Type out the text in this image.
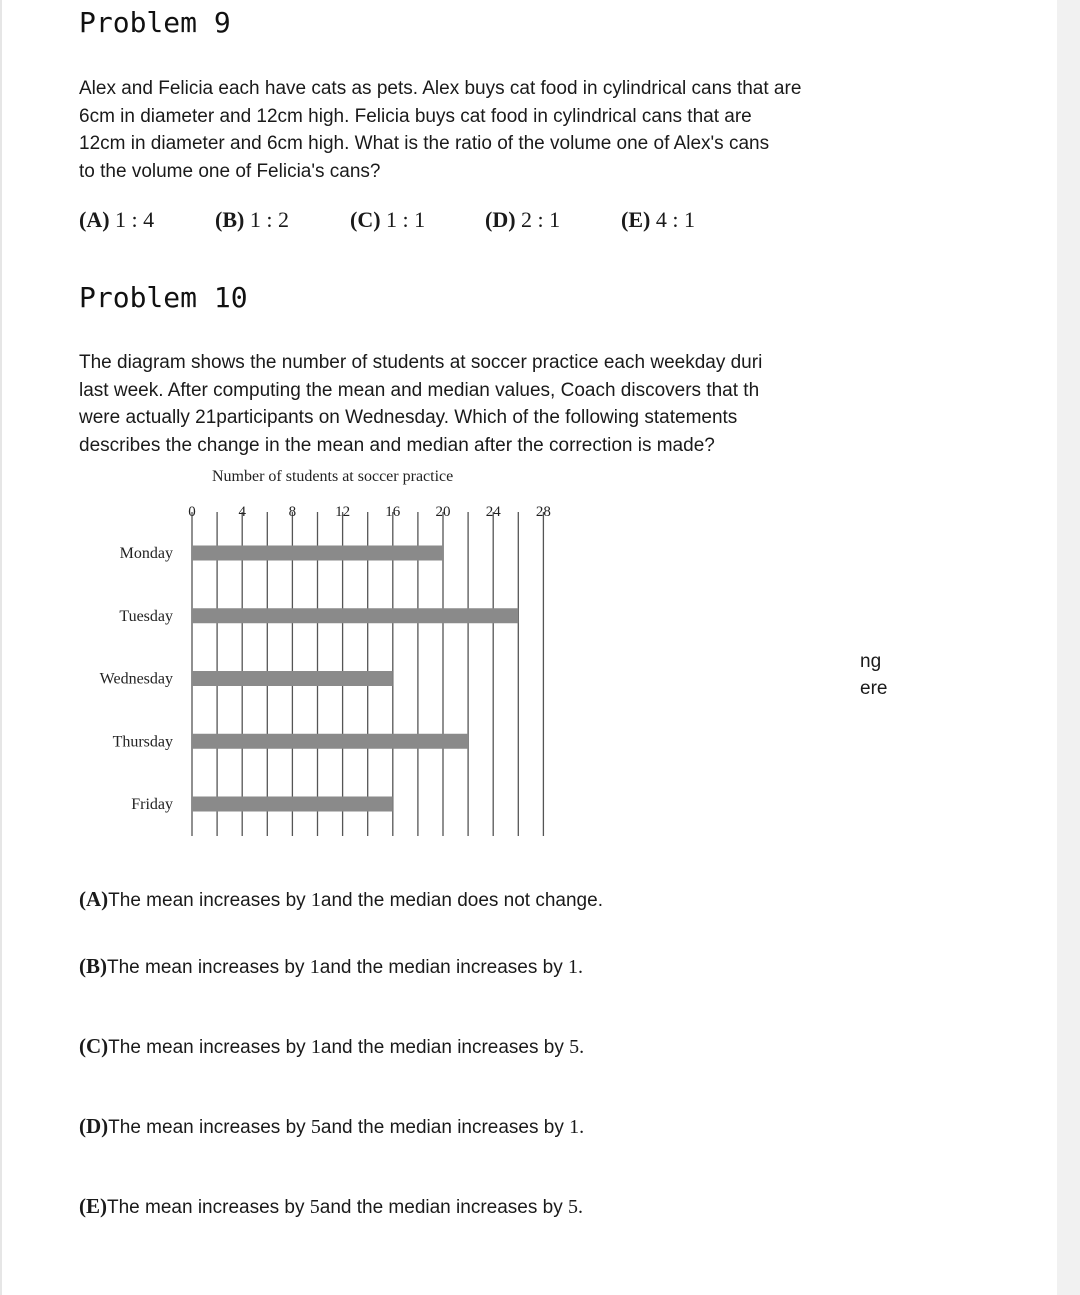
Problem 9
Alex and Felicia each have cats as pets. Alex buys cat food in cylindrical cans that are
6cm in diameter and 12cm high. Felicia buys cat food in cylindrical cans that are
12cm in diameter and 6cm high. What is the ratio of the volume one of Alex's cans
to the volume one of Felicia's cans?
(A) 1 : 4	(B) 1 : 2	(C) 1 : 1	(D) 2 : 1	(E) 4 : 1
Problem 10
The diagram shows the number of students at soccer practice each weekday duri
last week. After computing the mean and median values, Coach discovers that th
were actually 21participants on Wednesday. Which of the following statements
describes the change in the mean and median after the correction is made?
Number of students at soccer practice
0	4	8	12 16 20 24 28
Monday
Tuesday
Wednesday
Thursday
Friday
ng
ere
(A)The mean increases by 1and the median does not change.
(B)The mean increases by 1and the median increases by 1.
(C)The mean increases by 1and the median increases by 5.
(D)The mean increases by 5and the median increases by 1.
(E)The mean increases by 5and the median increases by 5.
